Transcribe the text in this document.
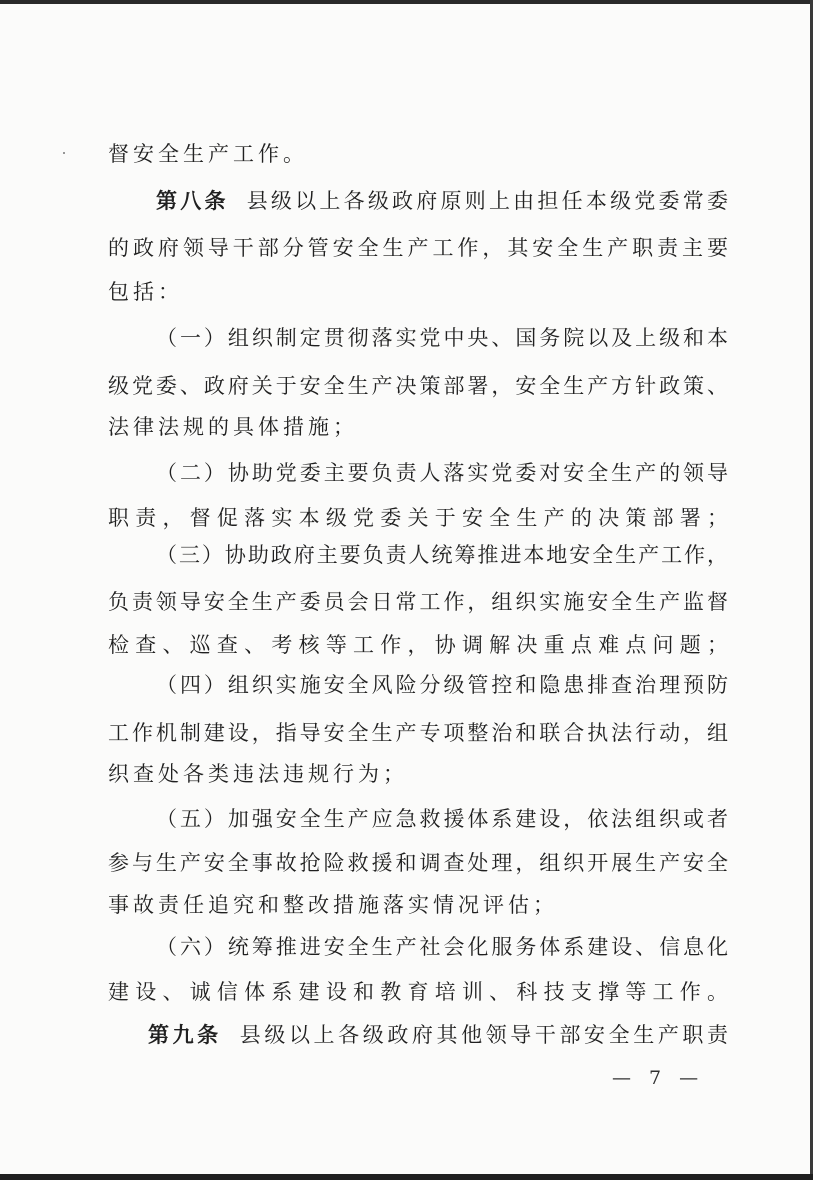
督安全生产工作。
第八条 县级以上各级政府原则上由担任本级党委常委
的政府领导干部分管安全生产工作，其安全生产职责主要
包括：
（一）组织制定贯彻落实党中央、国务院以及上级和本
级党委、政府关于安全生产决策部署，安全生产方针政策、
法律法规的具体措施；
（二）协助党委主要负责人落实党委对安全生产的领导
职责，督促落实本级党委关于安全生产的决策部署；
（三）协助政府主要负责人统筹推进本地安全生产工作，
负责领导安全生产委员会日常工作，组织实施安全生产监督
检查、巡查、考核等工作，协调解决重点难点问题；
（四）组织实施安全风险分级管控和隐患排查治理预防
工作机制建设，指导安全生产专项整治和联合执法行动，组
织查处各类违法违规行为；
（五）加强安全生产应急救援体系建设，依法组织或者
参与生产安全事故抢险救援和调查处理，组织开展生产安全
事故责任追究和整改措施落实情况评估；
（六）统筹推进安全生产社会化服务体系建设、信息化
建设、诚信体系建设和教育培训、科技支撑等工作。
— 7 —
第九条 县级以上各级政府其他领导干部安全生产职责
